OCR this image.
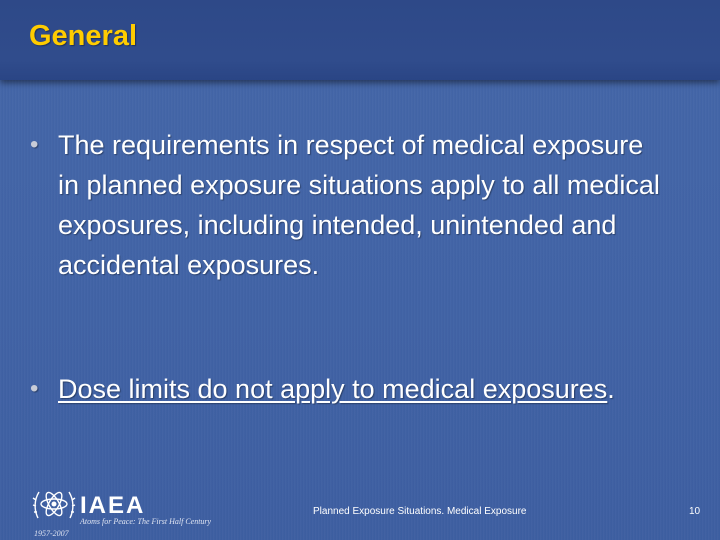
General
• The requirements in respect of medical exposure in planned exposure situations apply to all medical exposures, including intended, unintended and accidental exposures.
• Dose limits do not apply to medical exposures.
IAEA
Atoms for Peace: The First Half Century
1957-2007
Planned Exposure Situations. Medical Exposure	10
